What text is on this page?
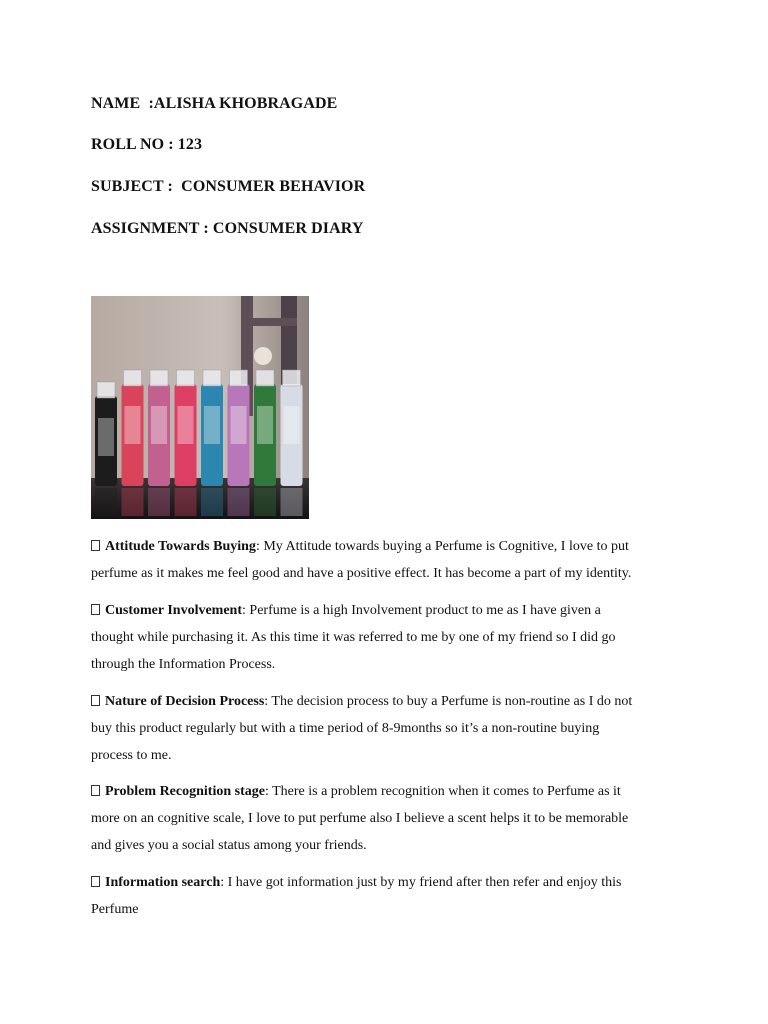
NAME  :ALISHA KHOBRAGADE
ROLL NO : 123
SUBJECT :  CONSUMER BEHAVIOR
ASSIGNMENT : CONSUMER DIARY
Attitude Towards Buying: My Attitude towards buying a Perfume is Cognitive, I love to put
perfume as it makes me feel good and have a positive effect. It has become a part of my identity.
Customer Involvement: Perfume is a high Involvement product to me as I have given a
thought while purchasing it. As this time it was referred to me by one of my friend so I did go
through the Information Process.
Nature of Decision Process: The decision process to buy a Perfume is non-routine as I do not
buy this product regularly but with a time period of 8-9months so it’s a non-routine buying
process to me.
Problem Recognition stage: There is a problem recognition when it comes to Perfume as it
more on an cognitive scale, I love to put perfume also I believe a scent helps it to be memorable
and gives you a social status among your friends.
Information search: I have got information just by my friend after then refer and enjoy this
Perfume
